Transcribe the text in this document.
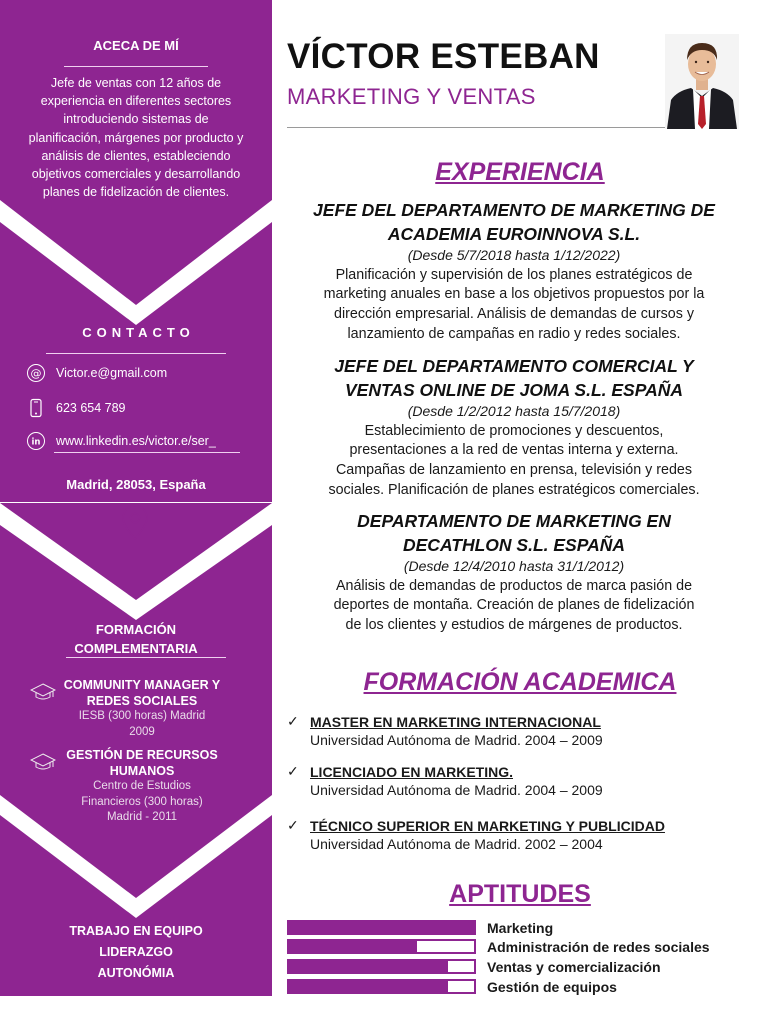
ACECA DE MÍ
Jefe de ventas con 12 años de experiencia en diferentes sectores introduciendo sistemas de planificación, márgenes por producto y análisis de clientes, estableciendo objetivos comerciales y desarrollando planes de fidelización de clientes.
CONTACTO
@ Victor.e@gmail.com
623 654 789
in www.linkedin.es/victor.e/ser_
Madrid, 28053, España
FORMACIÓN
COMPLEMENTARIA
COMMUNITY MANAGER Y
REDES SOCIALES
IESB (300 horas) Madrid
2009
GESTIÓN DE RECURSOS
HUMANOS
Centro de Estudios
Financieros (300 horas)
Madrid - 2011
TRABAJO EN EQUIPO
LIDERAZGO
AUTONÓMIA
VÍCTOR ESTEBAN
MARKETING Y VENTAS
EXPERIENCIA
JEFE DEL DEPARTAMENTO DE MARKETING DE
ACADEMIA EUROINNOVA S.L.
(Desde 5/7/2018 hasta 1/12/2022)
Planificación y supervisión de los planes estratégicos de
marketing anuales en base a los objetivos propuestos por la
dirección empresarial. Análisis de demandas de cursos y
lanzamiento de campañas en radio y redes sociales.
JEFE DEL DEPARTAMENTO COMERCIAL Y
VENTAS ONLINE DE JOMA S.L. ESPAÑA
(Desde 1/2/2012 hasta 15/7/2018)
Establecimiento de promociones y descuentos,
presentaciones a la red de ventas interna y externa.
Campañas de lanzamiento en prensa, televisión y redes
sociales. Planificación de planes estratégicos comerciales.
DEPARTAMENTO DE MARKETING EN
DECATHLON S.L. ESPAÑA
(Desde 12/4/2010 hasta 31/1/2012)
Análisis de demandas de productos de marca pasión de
deportes de montaña. Creación de planes de fidelización
de los clientes y estudios de márgenes de productos.
FORMACIÓN ACADEMICA
✓ MASTER EN MARKETING INTERNACIONAL
Universidad Autónoma de Madrid. 2004 – 2009
✓ LICENCIADO EN MARKETING.
Universidad Autónoma de Madrid. 2004 – 2009
✓ TÉCNICO SUPERIOR EN MARKETING Y PUBLICIDAD
Universidad Autónoma de Madrid. 2002 – 2004
APTITUDES
Marketing
Administración de redes sociales
Ventas y comercialización
Gestión de equipos
